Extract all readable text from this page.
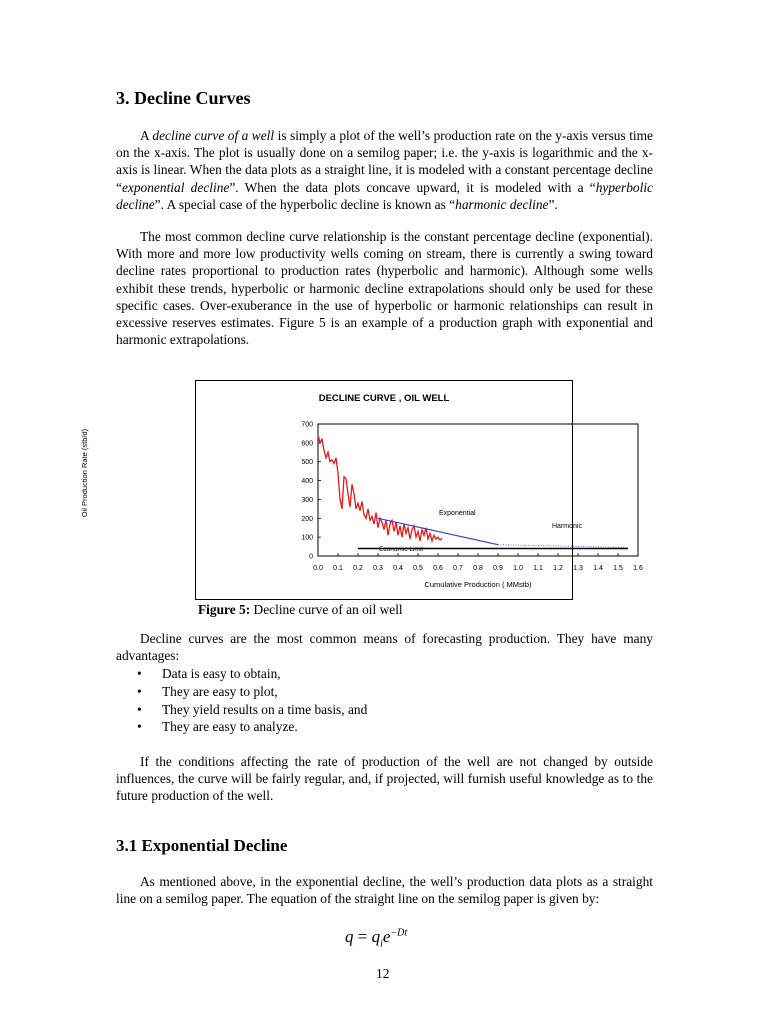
3. Decline Curves

A decline curve of a well is simply a plot of the well’s production rate on the y-axis versus time on the x-axis. The plot is usually done on a semilog paper; i.e. the y-axis is logarithmic and the x-axis is linear. When the data plots as a straight line, it is modeled with a constant percentage decline “exponential decline”. When the data plots concave upward, it is modeled with a “hyperbolic decline”. A special case of the hyperbolic decline is known as “harmonic decline”.

The most common decline curve relationship is the constant percentage decline (exponential). With more and more low productivity wells coming on stream, there is currently a swing toward decline rates proportional to production rates (hyperbolic and harmonic). Although some wells exhibit these trends, hyperbolic or harmonic decline extrapolations should only be used for these specific cases. Over-exuberance in the use of hyperbolic or harmonic relationships can result in excessive reserves estimates. Figure 5 is an example of a production graph with exponential and harmonic extrapolations.

DECLINE CURVE , OIL WELL
0
100
200
300
400
500
600
700
0.0 0.1 0.2 0.3 0.4 0.5 0.6 0.7 0.8 0.9 1.0 1.1 1.2 1.3 1.4 1.5 1.6
Oil Production Rate (stb/d)
Cumulative Production ( MMstb)
Exponential
Harmonic
Economic Limit
Figure 5: Decline curve of an oil well

Decline curves are the most common means of forecasting production. They have many advantages:

• Data is easy to obtain,
• They are easy to plot,
• They yield results on a time basis, and
• They are easy to analyze.

If the conditions affecting the rate of production of the well are not changed by outside influences, the curve will be fairly regular, and, if projected, will furnish useful knowledge as to the future production of the well.

3.1 Exponential Decline

As mentioned above, in the exponential decline, the well’s production data plots as a straight line on a semilog paper. The equation of the straight line on the semilog paper is given by:

$q = q_ie^{-Dt}$
12
